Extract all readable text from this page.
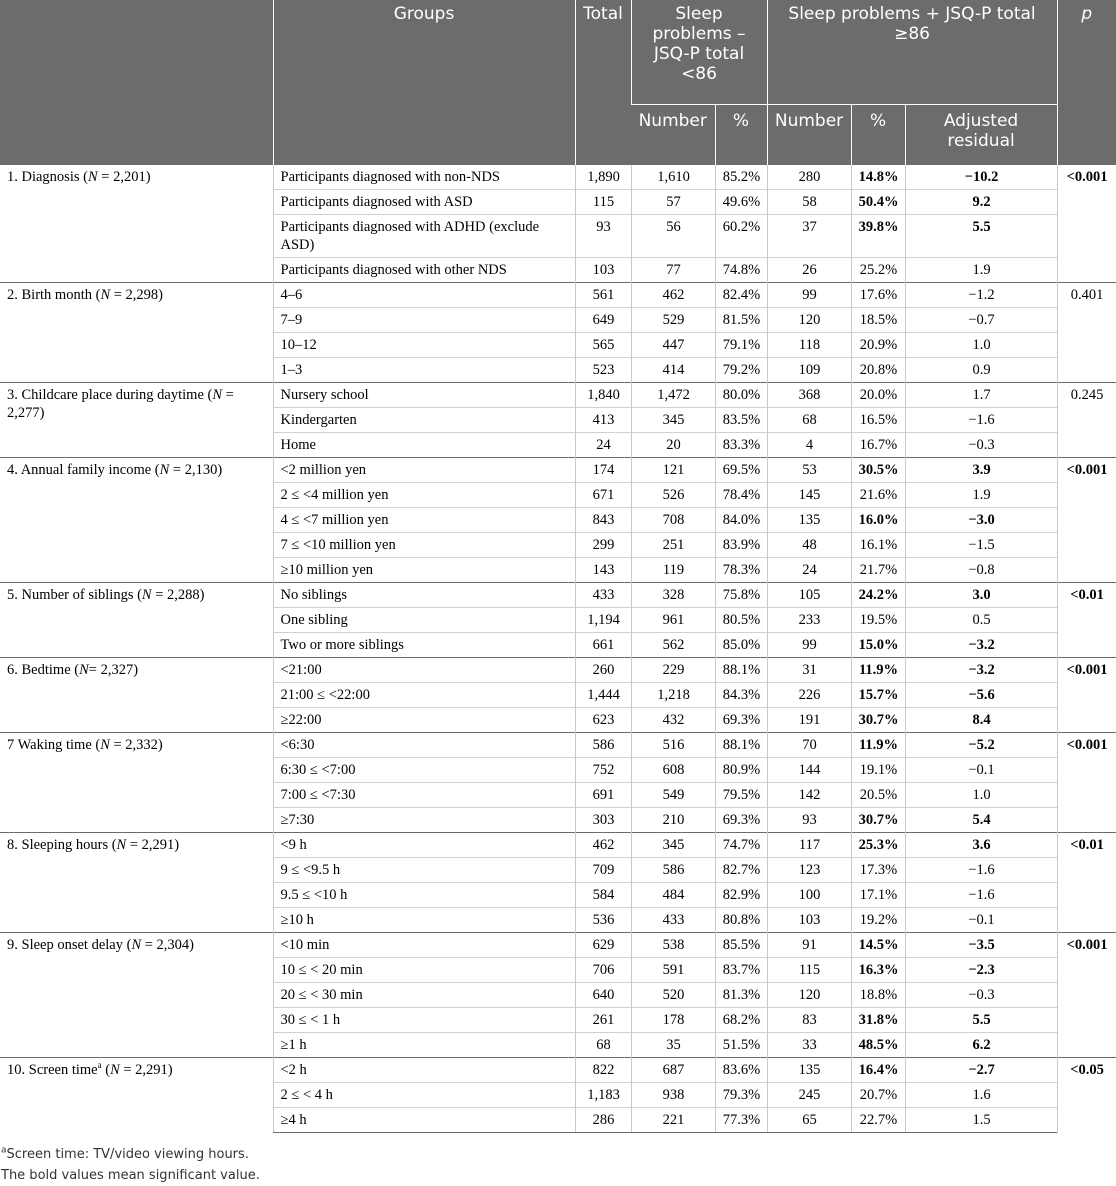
	Groups	Total	Sleep problems – JSQ-P total <86		Sleep problems + JSQ-P total ≥86			p
			Number	%	Number	%	Adjusted residual	
1. Diagnosis (N = 2,201)	Participants diagnosed with non-NDS	1,890	1,610	85.2%	280	14.8%	−10.2	<0.001
	Participants diagnosed with ASD	115	57	49.6%	58	50.4%	9.2	
	Participants diagnosed with ADHD (exclude ASD)	93	56	60.2%	37	39.8%	5.5	
	Participants diagnosed with other NDS	103	77	74.8%	26	25.2%	1.9	
2. Birth month (N = 2,298)	4–6	561	462	82.4%	99	17.6%	−1.2	0.401
	7–9	649	529	81.5%	120	18.5%	−0.7	
	10–12	565	447	79.1%	118	20.9%	1.0	
	1–3	523	414	79.2%	109	20.8%	0.9	
3. Childcare place during daytime (N = 2,277)	Nursery school	1,840	1,472	80.0%	368	20.0%	1.7	0.245
	Kindergarten	413	345	83.5%	68	16.5%	−1.6	
	Home	24	20	83.3%	4	16.7%	−0.3	
4. Annual family income (N = 2,130)	<2 million yen	174	121	69.5%	53	30.5%	3.9	<0.001
	2 ≤ <4 million yen	671	526	78.4%	145	21.6%	1.9	
	4 ≤ <7 million yen	843	708	84.0%	135	16.0%	−3.0	
	7 ≤ <10 million yen	299	251	83.9%	48	16.1%	−1.5	
	≥10 million yen	143	119	78.3%	24	21.7%	−0.8	
5. Number of siblings (N = 2,288)	No siblings	433	328	75.8%	105	24.2%	3.0	<0.01
	One sibling	1,194	961	80.5%	233	19.5%	0.5	
	Two or more siblings	661	562	85.0%	99	15.0%	−3.2	
6. Bedtime (N= 2,327)	<21:00	260	229	88.1%	31	11.9%	−3.2	<0.001
	21:00 ≤ <22:00	1,444	1,218	84.3%	226	15.7%	−5.6	
	≥22:00	623	432	69.3%	191	30.7%	8.4	
7 Waking time (N = 2,332)	<6:30	586	516	88.1%	70	11.9%	−5.2	<0.001
	6:30 ≤ <7:00	752	608	80.9%	144	19.1%	−0.1	
	7:00 ≤ <7:30	691	549	79.5%	142	20.5%	1.0	
	≥7:30	303	210	69.3%	93	30.7%	5.4	
8. Sleeping hours (N = 2,291)	<9 h	462	345	74.7%	117	25.3%	3.6	<0.01
	9 ≤ <9.5 h	709	586	82.7%	123	17.3%	−1.6	
	9.5 ≤ <10 h	584	484	82.9%	100	17.1%	−1.6	
	≥10 h	536	433	80.8%	103	19.2%	−0.1	
9. Sleep onset delay (N = 2,304)	<10 min	629	538	85.5%	91	14.5%	−3.5	<0.001
	10 ≤ < 20 min	706	591	83.7%	115	16.3%	−2.3	
	20 ≤ < 30 min	640	520	81.3%	120	18.8%	−0.3	
	30 ≤ < 1 h	261	178	68.2%	83	31.8%	5.5	
	≥1 h	68	35	51.5%	33	48.5%	6.2	
10. Screen time$^a$ (N = 2,291)	<2 h	822	687	83.6%	135	16.4%	−2.7	<0.05
	2 ≤ < 4 h	1,183	938	79.3%	245	20.7%	1.6	
	≥4 h	286	221	77.3%	65	22.7%	1.5	
$^a$Screen time: TV/video viewing hours.
The bold values mean significant value.
